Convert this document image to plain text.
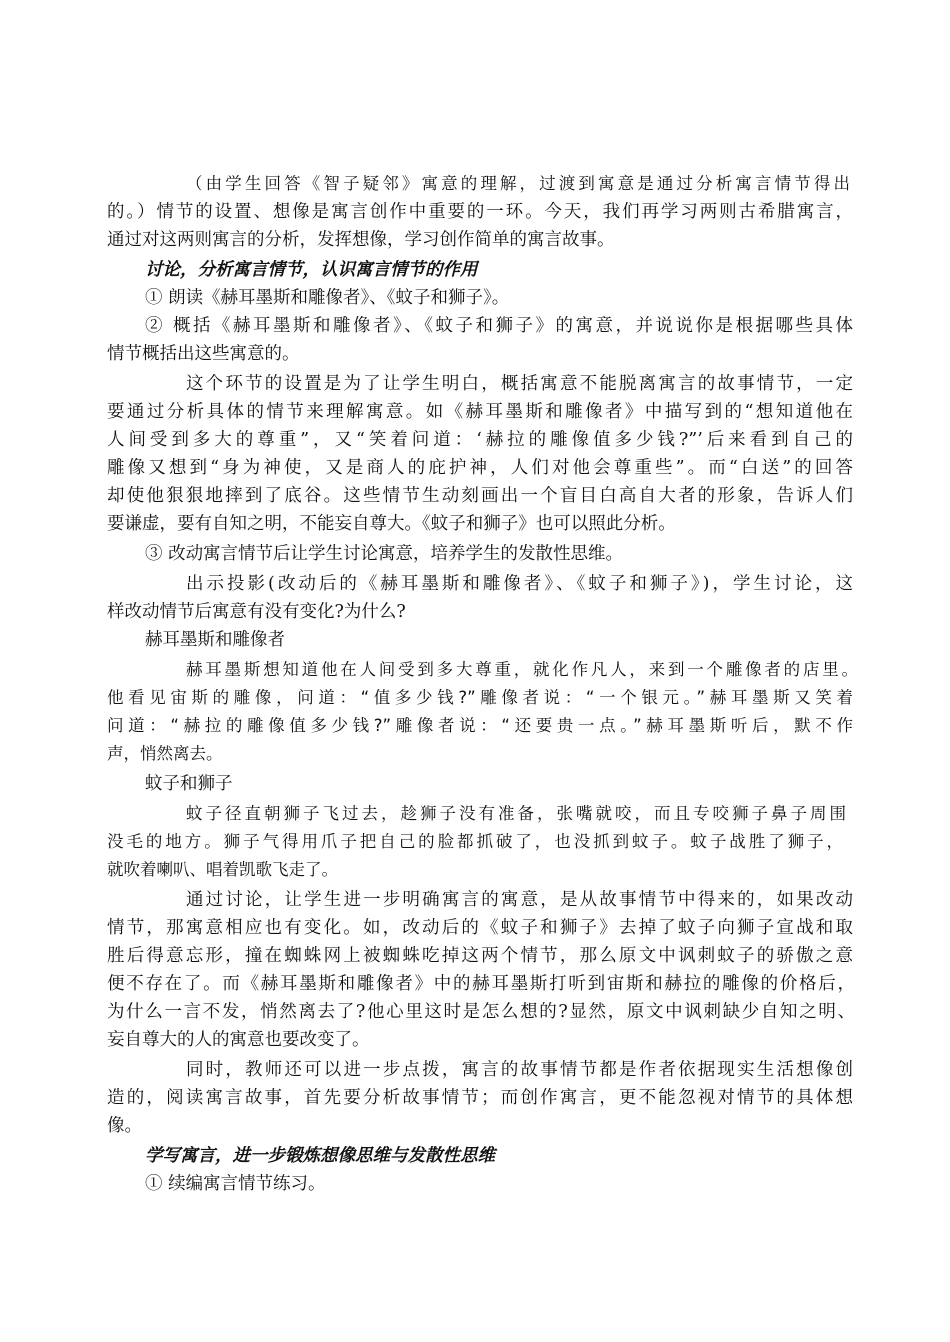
（由学生回答《智子疑邻》寓意的理解，过渡到寓意是通过分析寓言情节得出
的。）情节的设置、想像是寓言创作中重要的一环。今天，我们再学习两则古希腊寓言，
通过对这两则寓言的分析，发挥想像，学习创作简单的寓言故事。
讨论，分析寓言情节，认识寓言情节的作用
① 朗读《赫耳墨斯和雕像者》、《蚊子和狮子》。
② 概括《赫耳墨斯和雕像者》、《蚊子和狮子》的寓意，并说说你是根据哪些具体
情节概括出这些寓意的。
这个环节的设置是为了让学生明白，概括寓意不能脱离寓言的故事情节，一定
要通过分析具体的情节来理解寓意。如《赫耳墨斯和雕像者》中描写到的“想知道他在
人间受到多大的尊重”，又“笑着问道：‘赫拉的雕像值多少钱?”’后来看到自己的
雕像又想到“身为神使，又是商人的庇护神，人们对他会尊重些”。而“白送”的回答
却使他狠狠地摔到了底谷。这些情节生动刻画出一个盲目白高自大者的形象，告诉人们
要谦虚，要有自知之明，不能妄自尊大。《蚊子和狮子》也可以照此分析。
③ 改动寓言情节后让学生讨论寓意，培养学生的发散性思维。
出示投影(改动后的《赫耳墨斯和雕像者》、《蚊子和狮子》)，学生讨论，这
样改动情节后寓意有没有变化?为什么?
赫耳墨斯和雕像者
赫耳墨斯想知道他在人间受到多大尊重，就化作凡人，来到一个雕像者的店里。
他看见宙斯的雕像，问道：“值多少钱?”雕像者说：“一个银元。”赫耳墨斯又笑着
问道：“赫拉的雕像值多少钱?”雕像者说：“还要贵一点。”赫耳墨斯听后，默不作
声，悄然离去。
蚊子和狮子
蚊子径直朝狮子飞过去，趁狮子没有准备，张嘴就咬，而且专咬狮子鼻子周围
没毛的地方。狮子气得用爪子把自己的脸都抓破了，也没抓到蚊子。蚊子战胜了狮子，
就吹着喇叭、唱着凯歌飞走了。
通过讨论，让学生进一步明确寓言的寓意，是从故事情节中得来的，如果改动
情节，那寓意相应也有变化。如，改动后的《蚊子和狮子》去掉了蚊子向狮子宣战和取
胜后得意忘形，撞在蜘蛛网上被蜘蛛吃掉这两个情节，那么原文中讽刺蚊子的骄傲之意
便不存在了。而《赫耳墨斯和雕像者》中的赫耳墨斯打听到宙斯和赫拉的雕像的价格后，
为什么一言不发，悄然离去了?他心里这时是怎么想的?显然，原文中讽刺缺少自知之明、
妄自尊大的人的寓意也要改变了。
同时，教师还可以进一步点拨，寓言的故事情节都是作者依据现实生活想像创
造的，阅读寓言故事，首先要分析故事情节；而创作寓言，更不能忽视对情节的具体想
像。
学写寓言，进一步锻炼想像思维与发散性思维
① 续编寓言情节练习。
